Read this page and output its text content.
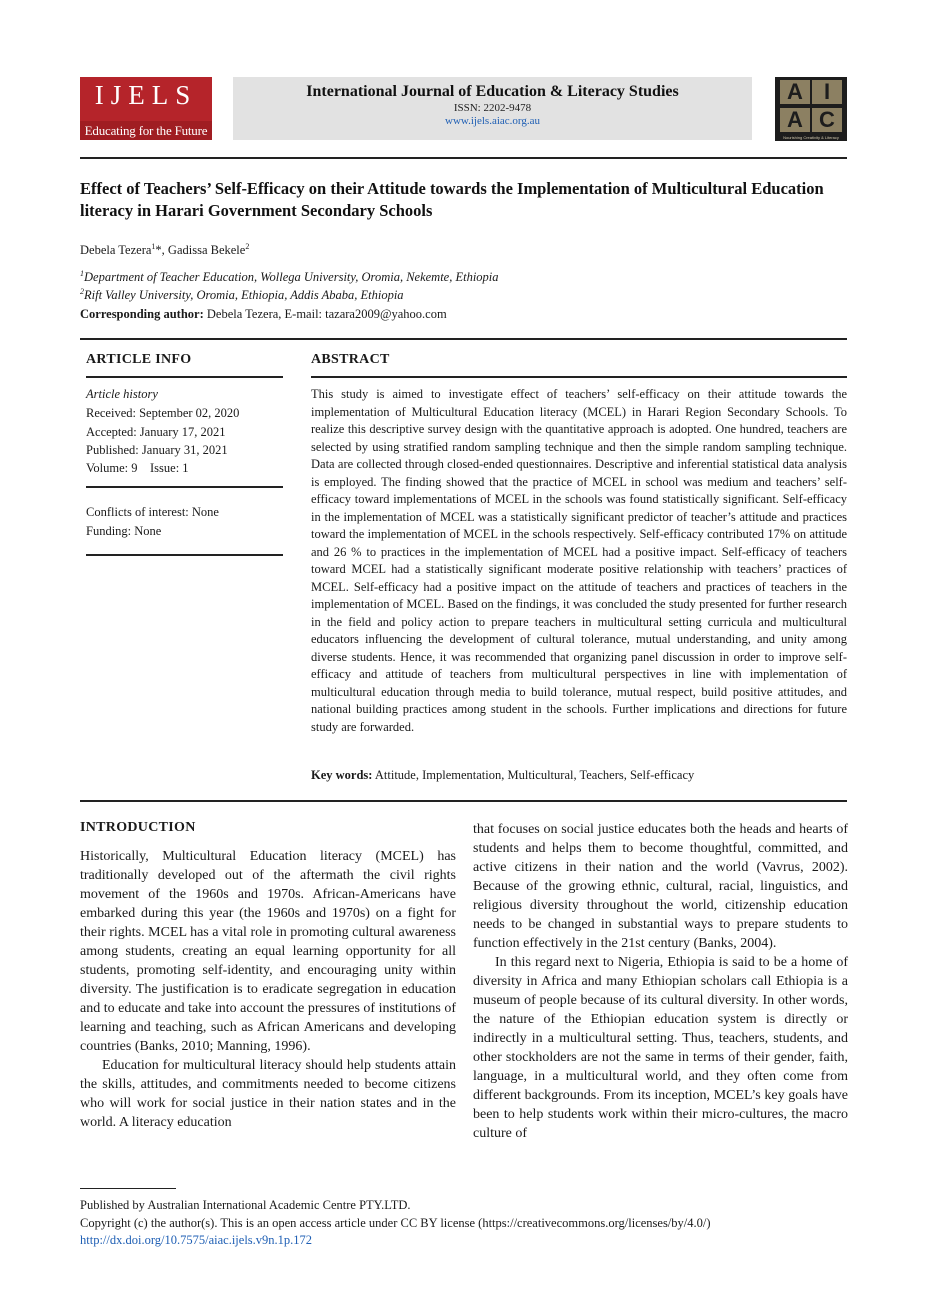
IJELS
Educating for the Future
International Journal of Education & Literacy Studies
ISSN: 2202-9478
www.ijels.aiac.org.au
A I
A C
Nourishing Creativity & Literacy
Effect of Teachers’ Self-Efficacy on their Attitude towards the Implementation of Multicultural Education literacy in Harari Government Secondary Schools
Debela Tezera$^1$*, Gadissa Bekele$^2$
$^1$Department of Teacher Education, Wollega University, Oromia, Nekemte, Ethiopia
$^2$Rift Valley University, Oromia, Ethiopia, Addis Ababa, Ethiopia
Corresponding author: Debela Tezera, E-mail: tazara2009@yahoo.com
ARTICLE INFO
Article history
Received: September 02, 2020
Accepted: January 17, 2021
Published: January 31, 2021
Volume: 9    Issue: 1
Conflicts of interest: None
Funding: None
ABSTRACT
This study is aimed to investigate effect of teachers’ self-efficacy on their attitude towards the implementation of Multicultural Education literacy (MCEL) in Harari Region Secondary Schools. To realize this descriptive survey design with the quantitative approach is adopted. One hundred, teachers are selected by using stratified random sampling technique and then the simple random sampling technique. Data are collected through closed-ended questionnaires. Descriptive and inferential statistical data analysis is employed. The finding showed that the practice of MCEL in school was medium and teachers’ self-efficacy toward implementations of MCEL in the schools was found statistically significant. Self-efficacy in the implementation of MCEL was a statistically significant predictor of teacher’s attitude and practices toward the implementation of MCEL in the schools respectively. Self-efficacy contributed 17% on attitude and 26 % to practices in the implementation of MCEL had a positive impact. Self-efficacy of teachers toward MCEL had a statistically significant moderate positive relationship with teachers’ practices of MCEL. Self-efficacy had a positive impact on the attitude of teachers and practices of teachers in the implementation of MCEL. Based on the findings, it was concluded the study presented for further research in the field and policy action to prepare teachers in multicultural setting curricula and multicultural educators influencing the development of cultural tolerance, mutual understanding, and unity among diverse students. Hence, it was recommended that organizing panel discussion in order to improve self-efficacy and attitude of teachers from multicultural perspectives in line with implementation of multicultural education through media to build tolerance, mutual respect, build positive attitudes, and national building practices among student in the schools. Further implications and directions for future study are forwarded.
Key words: Attitude, Implementation, Multicultural, Teachers, Self-efficacy
INTRODUCTION

Historically, Multicultural Education literacy (MCEL) has traditionally developed out of the aftermath the civil rights movement of the 1960s and 1970s. African-Americans have embarked during this year (the 1960s and 1970s) on a fight for their rights. MCEL has a vital role in promoting cultural awareness among students, creating an equal learning opportunity for all students, promoting self-identity, and encouraging unity within diversity. The justification is to eradicate segregation in education and to educate and take into account the pressures of institutions of learning and teaching, such as African Americans and developing countries (Banks, 2010; Manning, 1996).

Education for multicultural literacy should help students attain the skills, attitudes, and commitments needed to become citizens who will work for social justice in their nation states and in the world. A literacy education

that focuses on social justice educates both the heads and hearts of students and helps them to become thoughtful, committed, and active citizens in their nation and the world (Vavrus, 2002). Because of the growing ethnic, cultural, racial, linguistics, and religious diversity throughout the world, citizenship education needs to be changed in substantial ways to prepare students to function effectively in the 21st century (Banks, 2004).

In this regard next to Nigeria, Ethiopia is said to be a home of diversity in Africa and many Ethiopian scholars call Ethiopia is a museum of people because of its cultural diversity. In other words, the nature of the Ethiopian education system is directly or indirectly in a multicultural setting. Thus, teachers, students, and other stockholders are not the same in terms of their gender, faith, language, in a multicultural world, and they often come from different backgrounds. From its inception, MCEL’s key goals have been to help students work within their micro-cultures, the macro culture of

Published by Australian International Academic Centre PTY.LTD.
Copyright (c) the author(s). This is an open access article under CC BY license (https://creativecommons.org/licenses/by/4.0/)
http://dx.doi.org/10.7575/aiac.ijels.v9n.1p.172
